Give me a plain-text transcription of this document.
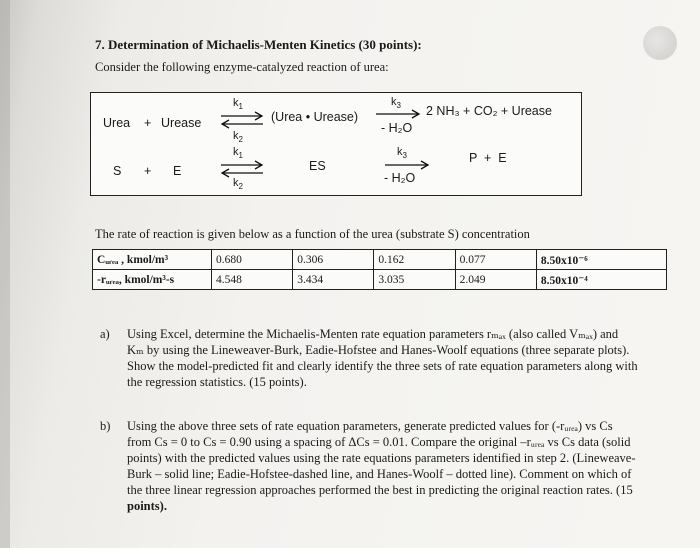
7. Determination of Michaelis-Menten Kinetics (30 points):
Consider the following enzyme-catalyzed reaction of urea:
Urea + Urease
$k_1$
$k_2$
(Urea • Urease)
$k_3$
- H₂O
2 NH₃ + CO₂ + Urease
S + E
$k_1$
$k_2$
ES
$k_3$
- H₂O
P  +  E
The rate of reaction is given below as a function of the urea (substrate S) concentration
Cᵤᵣₑₐ , kmol/m³	0.680	0.306	0.162	0.077	8.50x10⁻⁶
-rᵤᵣₑₐ, kmol/m³-s	4.548	3.434	3.035	2.049	8.50x10⁻⁴
a) Using Excel, determine the Michaelis-Menten rate equation parameters rₘₐₓ (also called Vₘₐₓ) and
Kₘ by using the Lineweaver-Burk, Eadie-Hofstee and Hanes-Woolf equations (three separate plots).
Show the model-predicted fit and clearly identify the three sets of rate equation parameters along with
the regression statistics. (15 points).
b) Using the above three sets of rate equation parameters, generate predicted values for (-rᵤᵣₑₐ) vs Cs
from Cs = 0 to Cs = 0.90 using a spacing of ΔCs = 0.01. Compare the original –rᵤᵣₑₐ vs Cs data (solid
points) with the predicted values using the rate equations parameters identified in step 2. (Lineweave-
Burk – solid line; Eadie-Hofstee-dashed line, and Hanes-Woolf – dotted line). Comment on which of
the three linear regression approaches performed the best in predicting the original reaction rates. (15
points).
